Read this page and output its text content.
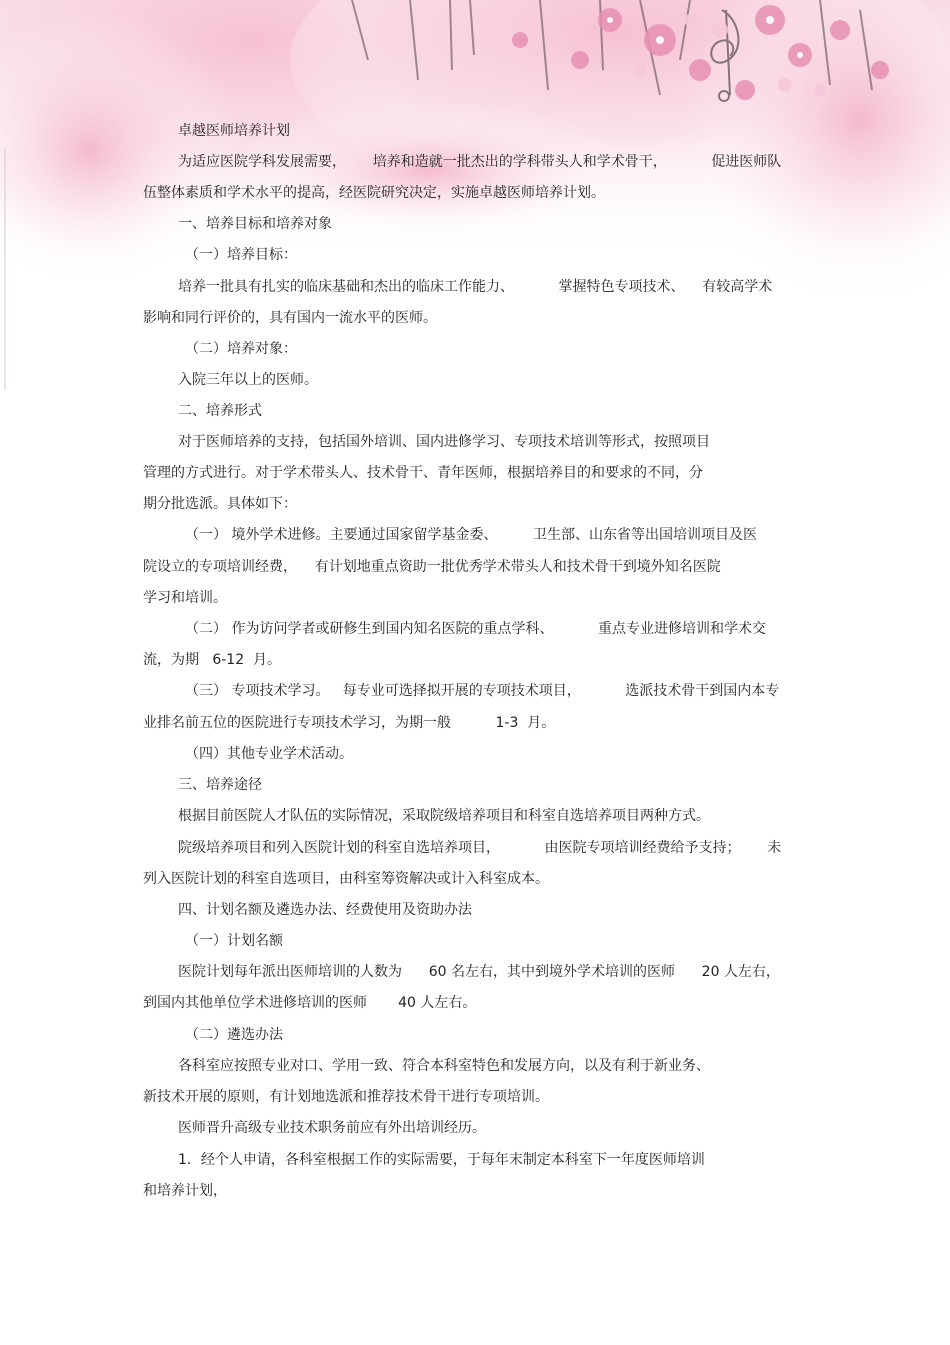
卓越医师培养计划
为适应医院学科发展需要，      培养和造就一批杰出的学科带头人和学术骨干，          促进医师队
伍整体素质和学术水平的提高，经医院研究决定，实施卓越医师培养计划。
一、培养目标和培养对象
（一）培养目标：
培养一批具有扎实的临床基础和杰出的临床工作能力、          掌握特色专项技术、    有较高学术
影响和同行评价的，具有国内一流水平的医师。
（二）培养对象：
入院三年以上的医师。
二、培养形式
对于医师培养的支持，包括国外培训、国内进修学习、专项技术培训等形式，按照项目
管理的方式进行。对于学术带头人、技术骨干、青年医师，根据培养目的和要求的不同，分
期分批选派。具体如下：
（一） 境外学术进修。主要通过国家留学基金委、        卫生部、山东省等出国培训项目及医
院设立的专项培训经费，    有计划地重点资助一批优秀学术带头人和技术骨干到境外知名医院
学习和培训。
（二） 作为访问学者或研修生到国内知名医院的重点学科、          重点专业进修培训和学术交
流，为期   6-12  月。
（三） 专项技术学习。   每专业可选择拟开展的专项技术项目，          选派技术骨干到国内本专
业排名前五位的医院进行专项技术学习，为期一般          1-3  月。
（四）其他专业学术活动。
三、培养途径
根据目前医院人才队伍的实际情况，采取院级培养项目和科室自选培养项目两种方式。
院级培养项目和列入医院计划的科室自选培养项目，          由医院专项培训经费给予支持；      未
列入医院计划的科室自选项目，由科室筹资解决或计入科室成本。
四、计划名额及遴选办法、经费使用及资助办法
（一）计划名额
医院计划每年派出医师培训的人数为      60 名左右，其中到境外学术培训的医师      20 人左右，
到国内其他单位学术进修培训的医师       40 人左右。
（二）遴选办法
各科室应按照专业对口、学用一致、符合本科室特色和发展方向，以及有利于新业务、
新技术开展的原则，有计划地选派和推荐技术骨干进行专项培训。
医师晋升高级专业技术职务前应有外出培训经历。
1．经个人申请，各科室根据工作的实际需要，于每年末制定本科室下一年度医师培训
和培养计划，
